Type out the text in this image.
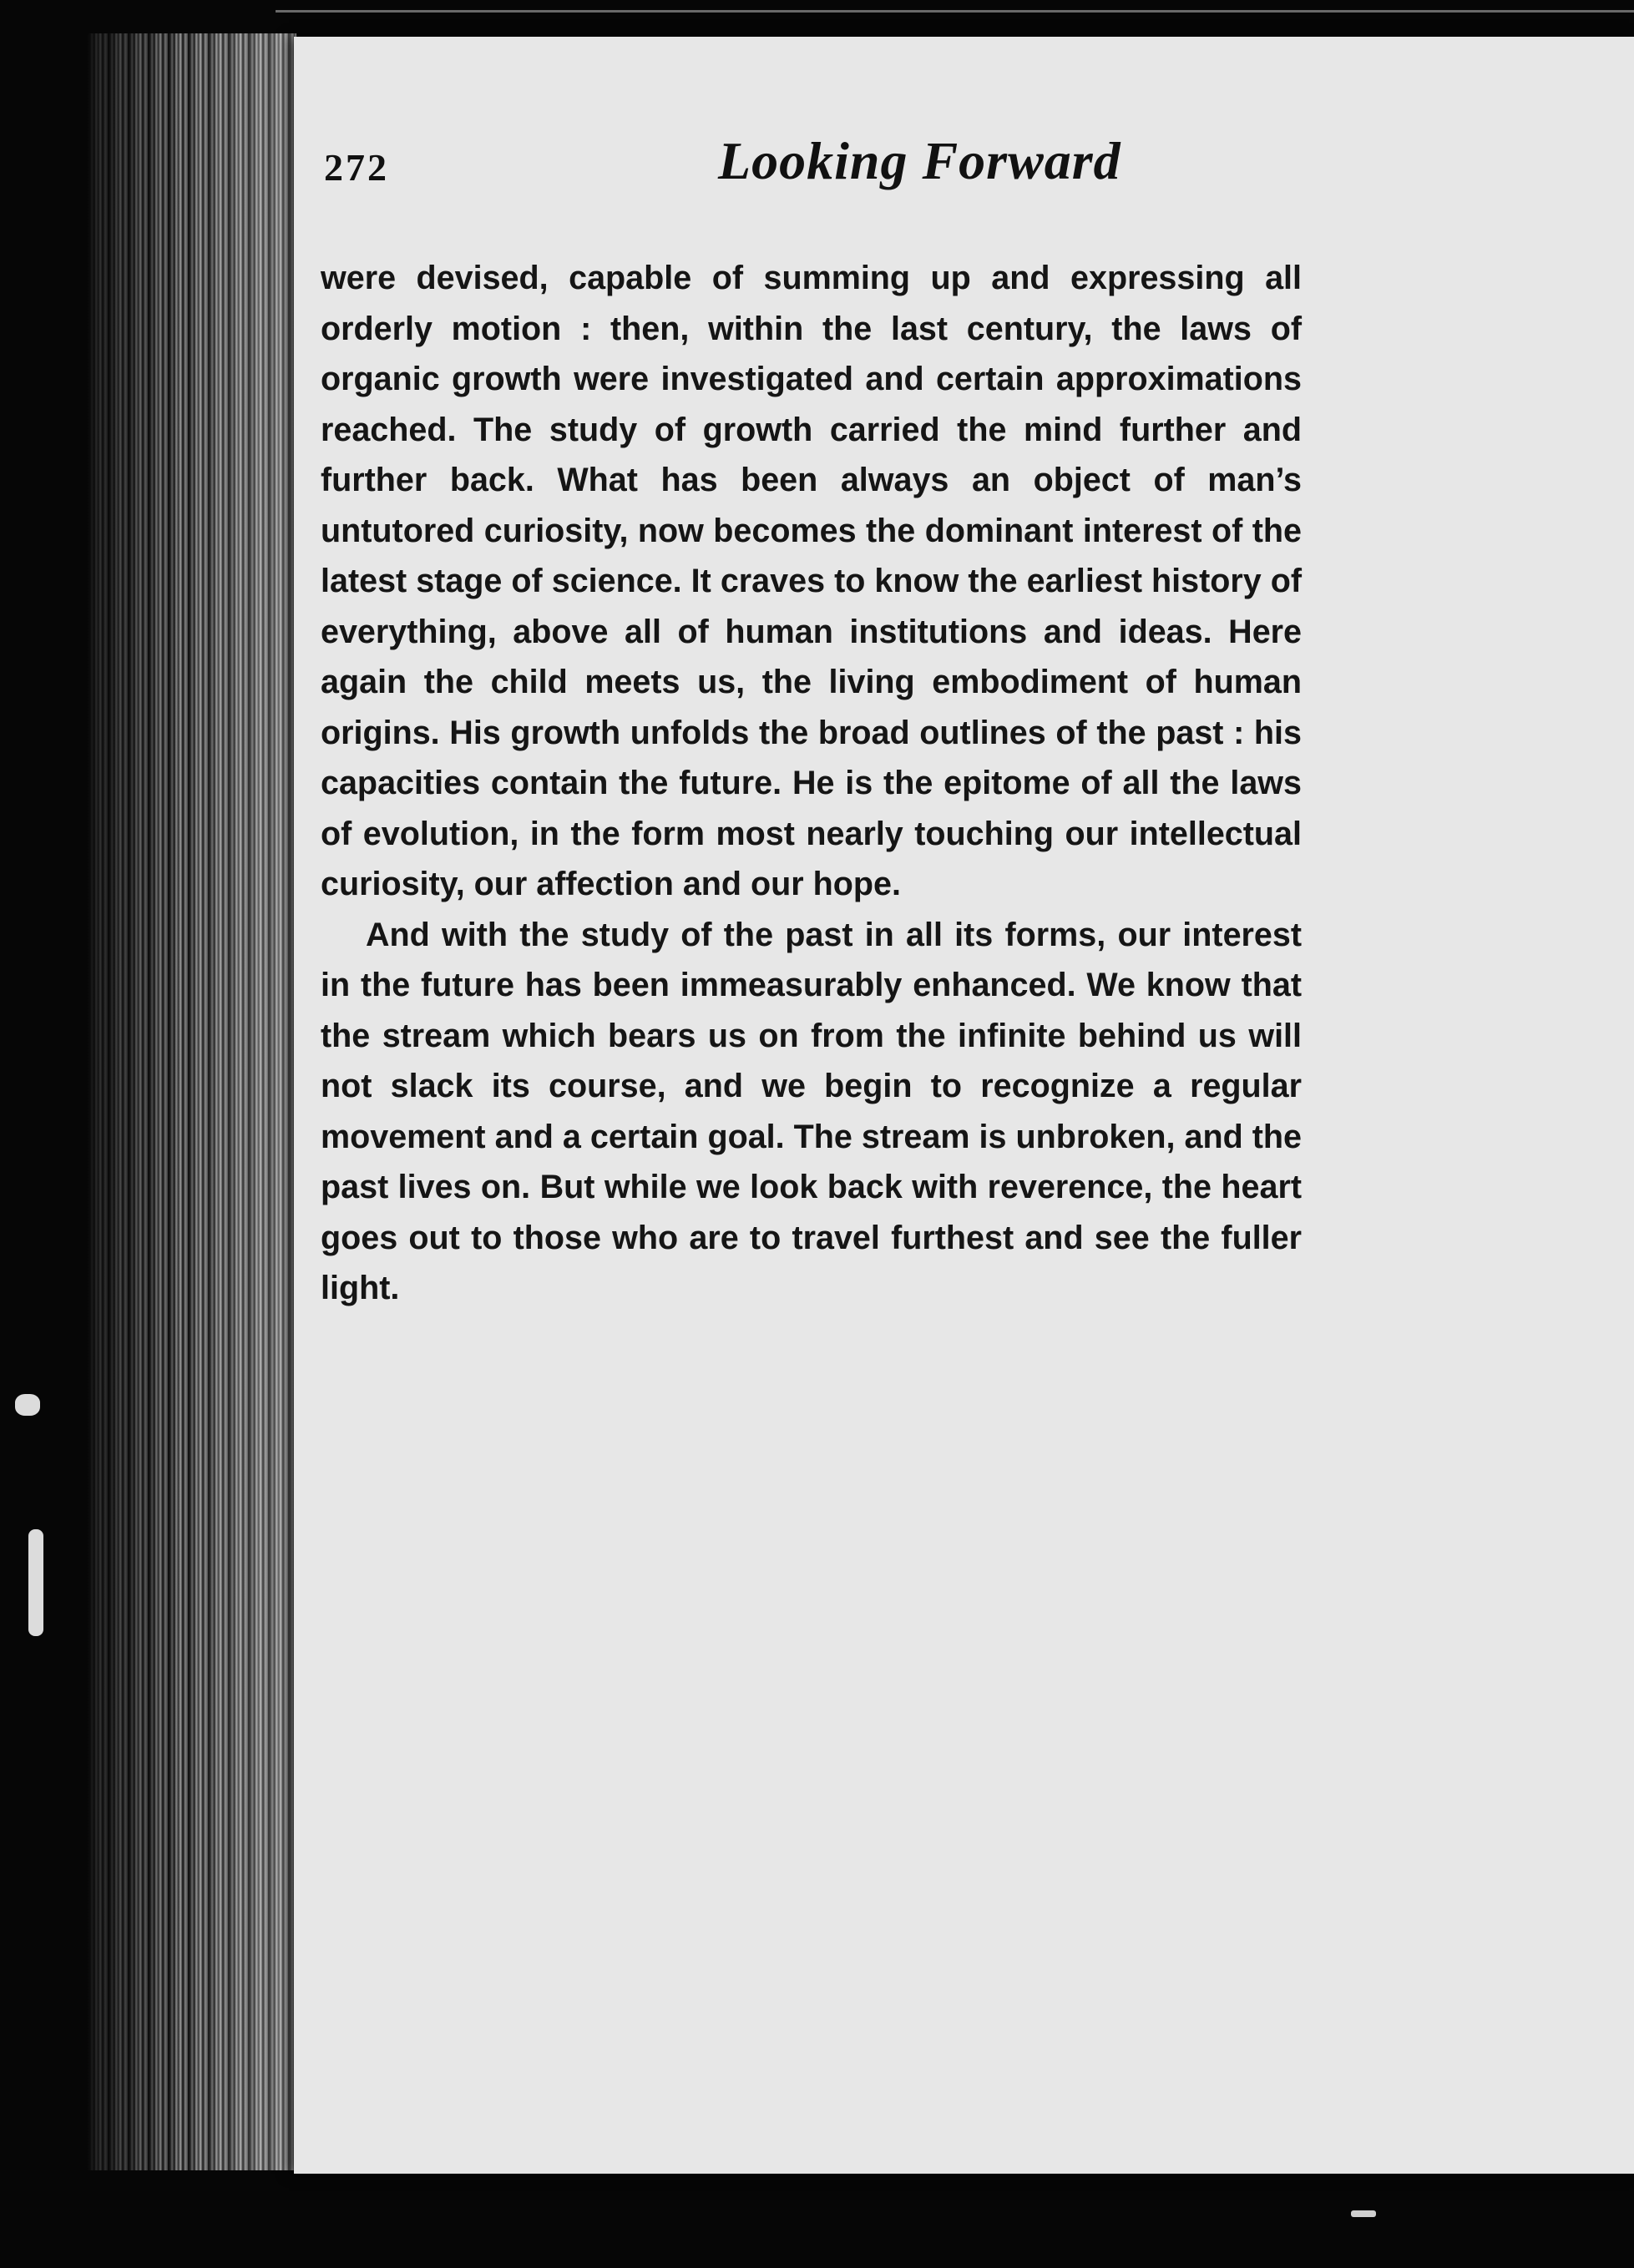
272	Looking Forward

were devised, capable of summing up and expressing all orderly motion : then, within the last century, the laws of organic growth were investigated and certain approximations reached. The study of growth carried the mind further and further back. What has been always an object of man’s untutored curiosity, now becomes the dominant interest of the latest stage of science. It craves to know the earliest history of everything, above all of human institutions and ideas. Here again the child meets us, the living embodiment of human origins. His growth unfolds the broad outlines of the past : his capacities contain the future. He is the epitome of all the laws of evolution, in the form most nearly touching our intellectual curiosity, our affection and our hope.

And with the study of the past in all its forms, our interest in the future has been immeasurably enhanced. We know that the stream which bears us on from the infinite behind us will not slack its course, and we begin to recognize a regular movement and a certain goal. The stream is unbroken, and the past lives on. But while we look back with reverence, the heart goes out to those who are to travel furthest and see the fuller light.
